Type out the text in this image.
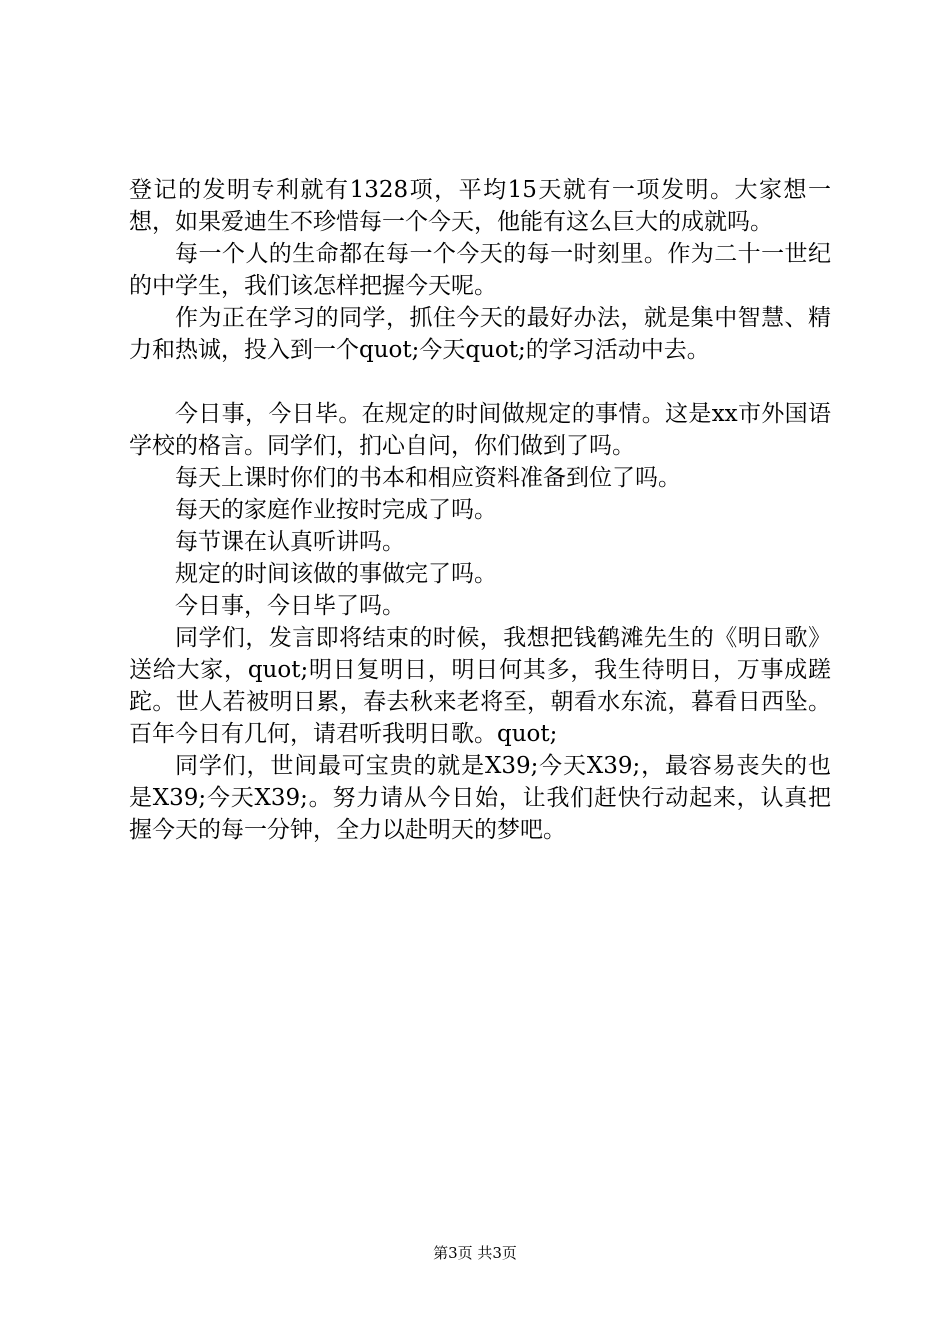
登记的发明专利就有1328项，平均15天就有一项发明。大家想一想，如果爱迪生不珍惜每一个今天，他能有这么巨大的成就吗。

每一个人的生命都在每一个今天的每一时刻里。作为二十一世纪的中学生，我们该怎样把握今天呢。

作为正在学习的同学，抓住今天的最好办法，就是集中智慧、精力和热诚，投入到一个quot;今天quot;的学习活动中去。

今日事，今日毕。在规定的时间做规定的事情。这是xx市外国语学校的格言。同学们，扪心自问，你们做到了吗。

每天上课时你们的书本和相应资料准备到位了吗。

每天的家庭作业按时完成了吗。

每节课在认真听讲吗。

规定的时间该做的事做完了吗。

今日事，今日毕了吗。

同学们，发言即将结束的时候，我想把钱鹤滩先生的《明日歌》送给大家，quot;明日复明日，明日何其多，我生待明日，万事成蹉跎。世人若被明日累，春去秋来老将至，朝看水东流，暮看日西坠。百年今日有几何，请君听我明日歌。quot;

同学们，世间最可宝贵的就是X39;今天X39;，最容易丧失的也是X39;今天X39;。努力请从今日始，让我们赶快行动起来，认真把握今天的每一分钟，全力以赴明天的梦吧。

第3页 共3页
